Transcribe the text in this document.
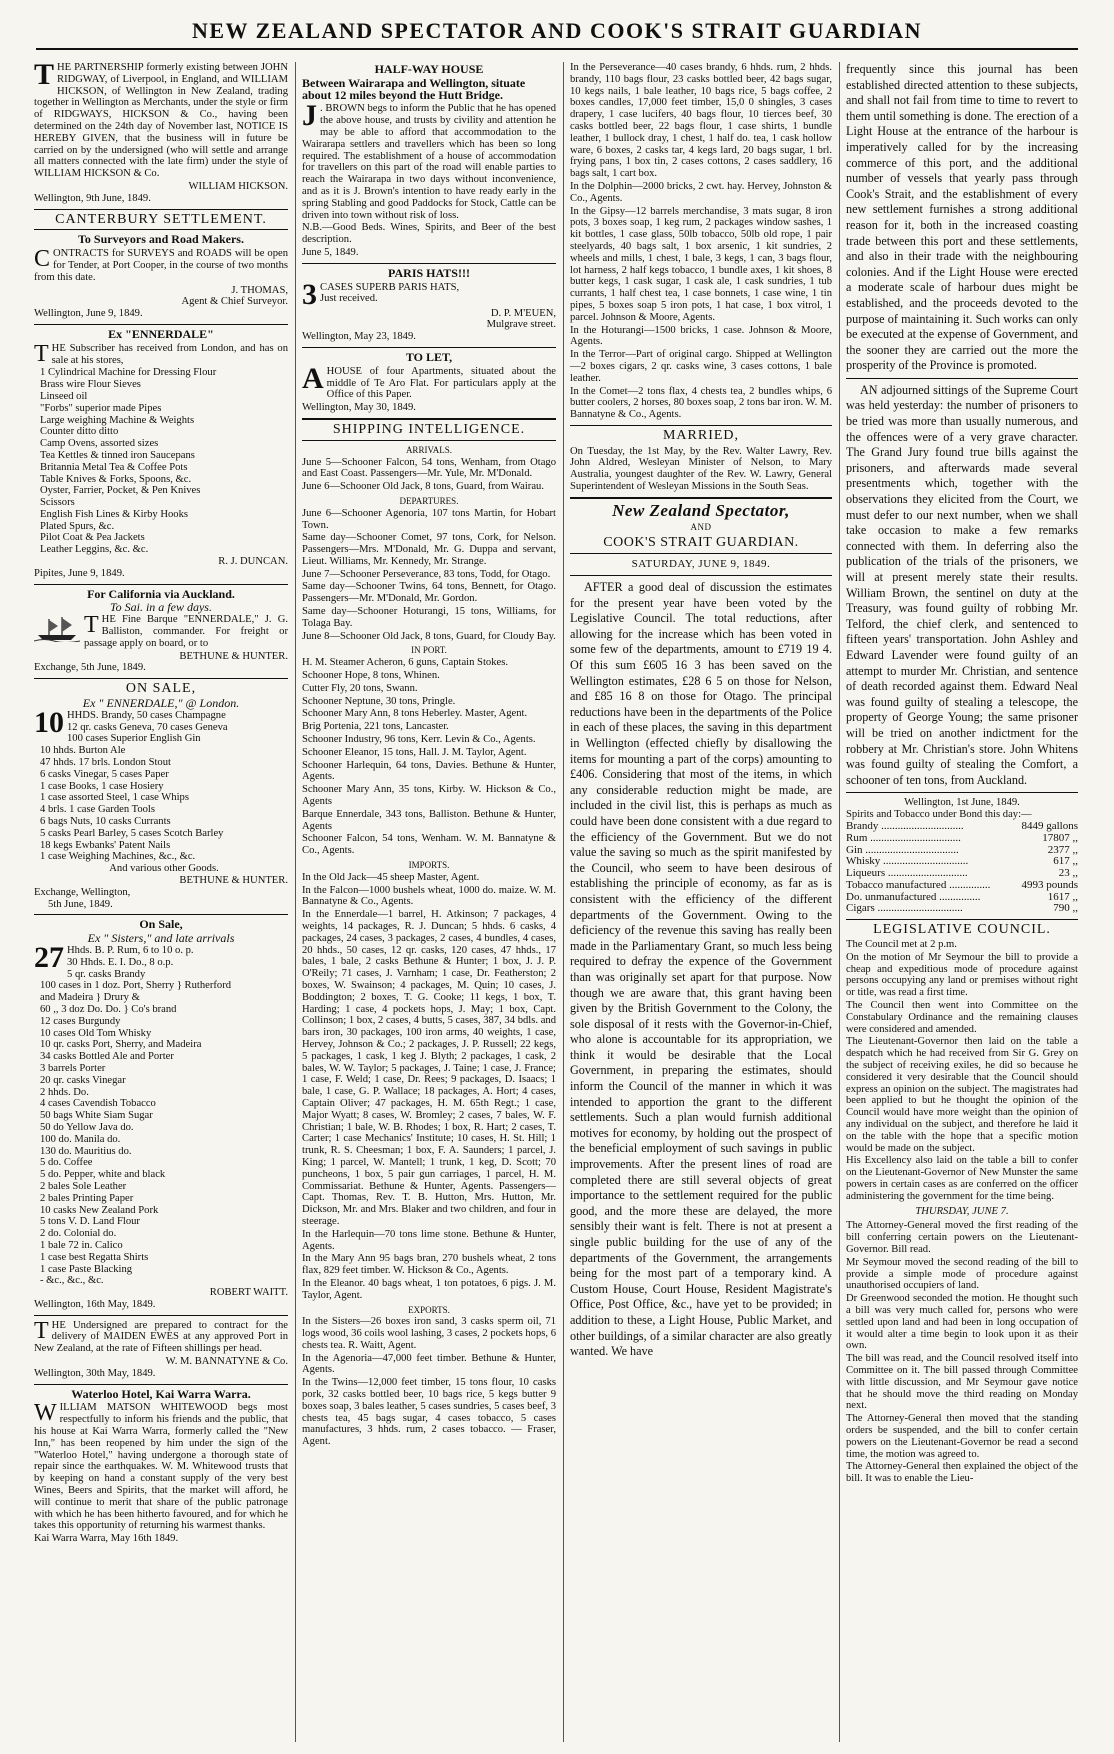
NEW ZEALAND SPECTATOR AND COOK'S STRAIT GUARDIAN
T HE PARTNERSHIP formerly existing between JOHN RIDGWAY, of Liverpool, in England, and WILLIAM HICKSON, of Wellington in New Zealand, trading together in Wellington as Merchants, under the style or firm of RIDGWAYS, HICKSON & Co., having been determined on the 24th day of November last, NOTICE IS HEREBY GIVEN, that the business will in future be carried on by the undersigned (who will settle and arrange all matters connected with the late firm) under the style of WILLIAM HICKSON & Co.

WILLIAM HICKSON.
Wellington, 9th June, 1849.
CANTERBURY SETTLEMENT.
To Surveyors and Road Makers.
C ONTRACTS for SURVEYS and ROADS will be open for Tender, at Port Cooper, in the course of two months from this date.

J. THOMAS,
Agent & Chief Surveyor.
Wellington, June 9, 1849.
Ex "ENNERDALE"
T HE Subscriber has received from London, and has on sale at his stores,

1 Cylindrical Machine for Dressing Flour
Brass wire Flour Sieves
Linseed oil
"Forbs" superior made Pipes
Large weighing Machine & Weights
Counter ditto ditto
Camp Ovens, assorted sizes
Tea Kettles & tinned iron Saucepans
Britannia Metal Tea & Coffee Pots
Table Knives & Forks, Spoons, &c.
Oyster, Farrier, Pocket, & Pen Knives
Scissors
English Fish Lines & Kirby Hooks
Plated Spurs, &c.
Pilot Coat & Pea Jackets
Leather Leggins, &c. &c.
R. J. DUNCAN.
Pipites, June 9, 1849.
For California via Auckland.
To Sai. in a few days.
T HE Fine Barque "ENNERDALE," J. G. Balliston, commander. For freight or passage apply on board, or to

BETHUNE & HUNTER.
Exchange, 5th June, 1849.
ON SALE,
Ex " ENNERDALE," @ London.
10 HHDS. Brandy, 50 cases Champagne
12 qr. casks Geneva, 70 cases Geneva
100 cases Superior English Gin
10 hhds. Burton Ale
47 hhds. 17 brls. London Stout
6 casks Vinegar, 5 cases Paper
1 case Books, 1 case Hosiery
1 case assorted Steel, 1 case Whips
4 brls. 1 case Garden Tools
6 bags Nuts, 10 casks Currants
5 casks Pearl Barley, 5 cases Scotch Barley
18 kegs Ewbanks' Patent Nails
1 case Weighing Machines, &c., &c.
And various other Goods.
BETHUNE & HUNTER.
Exchange, Wellington,
5th June, 1849.
On Sale,
Ex " Sisters," and late arrivals
27 Hhds. B. P. Rum, 6 to 10 o. p.
30 Hhds. E. I. Do., 8 o.p.
5 qr. casks Brandy
100 cases in 1 doz. Port, Sherry } Rutherford
and Madeira } Drury &
60 ,, 3 doz Do. Do. } Co's brand
12 cases Burgundy
10 cases Old Tom Whisky
10 qr. casks Port, Sherry, and Madeira
34 casks Bottled Ale and Porter
3 barrels Porter
20 qr. casks Vinegar
2 hhds. Do.
4 cases Cavendish Tobacco
50 bags White Siam Sugar
50 do Yellow Java do.
100 do. Manila do.
130 do. Mauritius do.
5 do. Coffee
5 do. Pepper, white and black
2 bales Sole Leather
2 bales Printing Paper
10 casks New Zealand Pork
5 tons V. D. Land Flour
2 do. Colonial do.
1 bale 72 in. Calico
1 case best Regatta Shirts
1 case Paste Blacking
- &c., &c., &c.
ROBERT WAITT.
Wellington, 16th May, 1849.
T HE Undersigned are prepared to contract for the delivery of MAIDEN EWES at any approved Port in New Zealand, at the rate of Fifteen shillings per head.

W. M. BANNATYNE & Co.
Wellington, 30th May, 1849.
Waterloo Hotel, Kai Warra Warra.
W ILLIAM MATSON WHITEWOOD begs most respectfully to inform his friends and the public, that his house at Kai Warra Warra, formerly called the "New Inn," has been reopened by him under the sign of the "Waterloo Hotel," having undergone a thorough state of repair since the earthquakes. W. M. Whitewood trusts that by keeping on hand a constant supply of the very best Wines, Beers and Spirits, that the market will afford, he will continue to merit that share of the public patronage with which he has been hitherto favoured, and for which he takes this opportunity of returning his warmest thanks.

Kai Warra Warra, May 16th 1849.
HALF-WAY HOUSE
Between Wairarapa and Wellington, situate about 12 miles beyond the Hutt Bridge.
J . BROWN begs to inform the Public that he has opened the above house, and trusts by civility and attention he may be able to afford that accommodation to the Wairarapa settlers and travellers which has been so long required. The establishment of a house of accommodation for travellers on this part of the road will enable parties to reach the Wairarapa in two days without inconvenience, and as it is J. Brown's intention to have ready early in the spring Stabling and good Paddocks for Stock, Cattle can be driven into town without risk of loss.

N.B.—Good Beds. Wines, Spirits, and Beer of the best description.

June 5, 1849.
PARIS HATS!!!
3 CASES SUPERB PARIS HATS,
Just received.
D. P. M'EUEN,
Mulgrave street.
Wellington, May 23, 1849.
TO LET,
A HOUSE of four Apartments, situated about the middle of Te Aro Flat. For particulars apply at the Office of this Paper.

Wellington, May 30, 1849.
SHIPPING INTELLIGENCE.
ARRIVALS.

June 5—Schooner Falcon, 54 tons, Wenham, from Otago and East Coast. Passengers—Mr. Yule, Mr. M'Donald.

June 6—Schooner Old Jack, 8 tons, Guard, from Wairau.

DEPARTURES.

June 6—Schooner Agenoria, 107 tons Martin, for Hobart Town.

Same day—Schooner Comet, 97 tons, Cork, for Nelson. Passengers—Mrs. M'Donald, Mr. G. Duppa and servant, Lieut. Williams, Mr. Kennedy, Mr. Strange.

June 7—Schooner Perseverance, 83 tons, Todd, for Otago.

Same day—Schooner Twins, 64 tons, Bennett, for Otago. Passengers—Mr. M'Donald, Mr. Gordon.

Same day—Schooner Hoturangi, 15 tons, Williams, for Tolaga Bay.

June 8—Schooner Old Jack, 8 tons, Guard, for Cloudy Bay.

IN PORT.

H. M. Steamer Acheron, 6 guns, Captain Stokes.

Schooner Hope, 8 tons, Whinen.

Cutter Fly, 20 tons, Swann.

Schooner Neptune, 30 tons, Pringle.

Schooner Mary Ann, 8 tons Heberley. Master, Agent.

Brig Portenia, 221 tons, Lancaster.

Schooner Industry, 96 tons, Kerr. Levin & Co., Agents.

Schooner Eleanor, 15 tons, Hall. J. M. Taylor, Agent.

Schooner Harlequin, 64 tons, Davies. Bethune & Hunter, Agents.

Schooner Mary Ann, 35 tons, Kirby. W. Hickson & Co., Agents

Barque Ennerdale, 343 tons, Balliston. Bethune & Hunter, Agents

Schooner Falcon, 54 tons, Wenham. W. M. Bannatyne & Co., Agents.

IMPORTS.

In the Old Jack—45 sheep Master, Agent.

In the Falcon—1000 bushels wheat, 1000 do. maize. W. M. Bannatyne & Co., Agents.

In the Ennerdale—1 barrel, H. Atkinson; 7 packages, 4 weights, 14 packages, R. J. Duncan; 5 hhds. 6 casks, 4 packages, 24 cases, 3 packages, 2 cases, 4 bundles, 4 cases, 20 hhds., 50 cases, 12 qr. casks, 120 cases, 47 hhds., 17 bales, 1 bale, 2 casks Bethune & Hunter; 1 box, J. J. P. O'Reily; 71 cases, J. Varnham; 1 case, Dr. Featherston; 2 boxes, W. Swainson; 4 packages, M. Quin; 10 cases, J. Boddington; 2 boxes, T. G. Cooke; 11 kegs, 1 box, T. Harding; 1 case, 4 pockets hops, J. May; 1 box, Capt. Collinson; 1 box, 2 cases, 4 butts, 5 cases, 387, 34 bdls. and bars iron, 30 packages, 100 iron arms, 40 weights, 1 case, Hervey, Johnson & Co.; 2 packages, J. P. Russell; 22 kegs, 5 packages, 1 cask, 1 keg J. Blyth; 2 packages, 1 cask, 2 bales, W. W. Taylor; 5 packages, J. Taine; 1 case, J. France; 1 case, F. Weld; 1 case, Dr. Rees; 9 packages, D. Isaacs; 1 bale, 1 case, G. P. Wallace; 18 packages, A. Hort; 4 cases, Captain Oliver; 47 packages, H. M. 65th Regt.; 1 case, Major Wyatt; 8 cases, W. Bromley; 2 cases, 7 bales, W. F. Christian; 1 bale, W. B. Rhodes; 1 box, R. Hart; 2 cases, T. Carter; 1 case Mechanics' Institute; 10 cases, H. St. Hill; 1 trunk, R. S. Cheesman; 1 box, F. A. Saunders; 1 parcel, J. King; 1 parcel, W. Mantell; 1 trunk, 1 keg, D. Scott; 70 puncheons, 1 box, 5 pair gun carriages, 1 parcel, H. M. Commissariat. Bethune & Hunter, Agents. Passengers—Capt. Thomas, Rev. T. B. Hutton, Mrs. Hutton, Mr. Dickson, Mr. and Mrs. Blaker and two children, and four in steerage.

In the Harlequin—70 tons lime stone. Bethune & Hunter, Agents.

In the Mary Ann 95 bags bran, 270 bushels wheat, 2 tons flax, 829 feet timber. W. Hickson & Co., Agents.

In the Eleanor. 40 bags wheat, 1 ton potatoes, 6 pigs. J. M. Taylor, Agent.

EXPORTS.

In the Sisters—26 boxes iron sand, 3 casks sperm oil, 71 logs wood, 36 coils wool lashing, 3 cases, 2 pockets hops, 6 chests tea. R. Waitt, Agent.

In the Agenoria—47,000 feet timber. Bethune & Hunter, Agents.

In the Twins—12,000 feet timber, 15 tons flour, 10 casks pork, 32 casks bottled beer, 10 bags rice, 5 kegs butter 9 boxes soap, 3 bales leather, 5 cases sundries, 5 cases beef, 3 chests tea, 45 bags sugar, 4 cases tobacco, 5 cases manufactures, 3 hhds. rum, 2 cases tobacco. — Fraser, Agent.

In the Perseverance—40 cases brandy, 6 hhds. rum, 2 hhds. brandy, 110 bags flour, 23 casks bottled beer, 42 bags sugar, 10 kegs nails, 1 bale leather, 10 bags rice, 5 bags coffee, 2 boxes candles, 17,000 feet timber, 15,0 0 shingles, 3 cases drapery, 1 case lucifers, 40 bags flour, 10 tierces beef, 30 casks bottled beer, 22 bags flour, 1 case shirts, 1 bundle leather, 1 bullock dray, 1 chest, 1 half do. tea, 1 cask hollow ware, 6 boxes, 2 casks tar, 4 kegs lard, 20 bags sugar, 1 brl. frying pans, 1 box tin, 2 cases cottons, 2 cases saddlery, 16 bags salt, 1 cart box.

In the Dolphin—2000 bricks, 2 cwt. hay. Hervey, Johnston & Co., Agents.

In the Gipsy—12 barrels merchandise, 3 mats sugar, 8 iron pots, 3 boxes soap, 1 keg rum, 2 packages window sashes, 1 kit bottles, 1 case glass, 50lb tobacco, 50lb old rope, 1 pair steelyards, 40 bags salt, 1 box arsenic, 1 kit sundries, 2 wheels and mills, 1 chest, 1 bale, 3 kegs, 1 can, 3 bags flour, lot harness, 2 half kegs tobacco, 1 bundle axes, 1 kit shoes, 8 butter kegs, 1 cask sugar, 1 cask ale, 1 cask sundries, 1 tub currants, 1 half chest tea, 1 case bonnets, 1 case wine, 1 tin pipes, 5 boxes soap 5 iron pots, 1 hat case, 1 box vitrol, 1 parcel. Johnson & Moore, Agents.

In the Hoturangi—1500 bricks, 1 case. Johnson & Moore, Agents.

In the Terror—Part of original cargo. Shipped at Wellington—2 boxes cigars, 2 qr. casks wine, 3 cases cottons, 1 bale leather.

In the Comet—2 tons flax, 4 chests tea, 2 bundles whips, 6 butter coolers, 2 horses, 80 boxes soap, 2 tons bar iron. W. M. Bannatyne & Co., Agents.

MARRIED,

On Tuesday, the 1st May, by the Rev. Walter Lawry, Rev. John Aldred, Wesleyan Minister of Nelson, to Mary Australia, youngest daughter of the Rev. W. Lawry, General Superintendent of Wesleyan Missions in the South Seas.

New Zealand Spectator,
AND
COOK'S STRAIT GUARDIAN.
SATURDAY, JUNE 9, 1849.

AFTER a good deal of discussion the estimates for the present year have been voted by the Legislative Council. The total reductions, after allowing for the increase which has been voted in some few of the departments, amount to £719 19 4. Of this sum £605 16 3 has been saved on the Wellington estimates, £28 6 5 on those for Nelson, and £85 16 8 on those for Otago. The principal reductions have been in the departments of the Police in each of these places, the saving in this department in Wellington (effected chiefly by disallowing the items for mounting a part of the corps) amounting to £406. Considering that most of the items, in which any considerable reduction might be made, are included in the civil list, this is perhaps as much as could have been done consistent with a due regard to the efficiency of the Government. But we do not value the saving so much as the spirit manifested by the Council, who seem to have been desirous of establishing the principle of economy, as far as is consistent with the efficiency of the different departments of the Government. Owing to the deficiency of the revenue this saving has really been made in the Parliamentary Grant, so much less being required to defray the expence of the Government than was originally set apart for that purpose. Now though we are aware that, this grant having been given by the British Government to the Colony, the sole disposal of it rests with the Governor-in-Chief, who alone is accountable for its appropriation, we think it would be desirable that the Local Government, in preparing the estimates, should inform the Council of the manner in which it was intended to apportion the grant to the different settlements. Such a plan would furnish additional motives for economy, by holding out the prospect of the beneficial employment of such savings in public improvements. After the present lines of road are completed there are still several objects of great importance to the settlement required for the public good, and the more these are delayed, the more sensibly their want is felt. There is not at present a single public building for the use of any of the departments of the Government, the arrangements being for the most part of a temporary kind. A Custom House, Court House, Resident Magistrate's Office, Post Office, &c., have yet to be provided; in addition to these, a Light House, Public Market, and other buildings, of a similar character are also greatly wanted. We have

frequently since this journal has been established directed attention to these subjects, and shall not fail from time to time to revert to them until something is done. The erection of a Light House at the entrance of the harbour is imperatively called for by the increasing commerce of this port, and the additional number of vessels that yearly pass through Cook's Strait, and the establishment of every new settlement furnishes a strong additional reason for it, both in the increased coasting trade between this port and these settlements, and also in their trade with the neighbouring colonies. And if the Light House were erected a moderate scale of harbour dues might be established, and the proceeds devoted to the purpose of maintaining it. Such works can only be executed at the expense of Government, and the sooner they are carried out the more the prosperity of the Province is promoted.

AN adjourned sittings of the Supreme Court was held yesterday: the number of prisoners to be tried was more than usually numerous, and the offences were of a very grave character. The Grand Jury found true bills against the prisoners, and afterwards made several presentments which, together with the observations they elicited from the Court, we must defer to our next number, when we shall take occasion to make a few remarks connected with them. In deferring also the publication of the trials of the prisoners, we will at present merely state their results. William Brown, the sentinel on duty at the Treasury, was found guilty of robbing Mr. Telford, the chief clerk, and sentenced to fifteen years' transportation. John Ashley and Edward Lavender were found guilty of an attempt to murder Mr. Christian, and sentence of death recorded against them. Edward Neal was found guilty of stealing a telescope, the property of George Young; the same prisoner will be tried on another indictment for the robbery at Mr. Christian's store. John Whitens was found guilty of stealing the Comfort, a schooner of ten tons, from Auckland.

Wellington, 1st June, 1849.
Spirits and Tobacco under Bond this day:—
Brandy ..............................	8449 gallons
Rum .................................	17807 ,,
Gin ..................................	2377 ,,
Whisky ...............................	617 ,,
Liqueurs .............................	23 ,,
Tobacco manufactured ...............	4993 pounds
Do. unmanufactured ...............	1617 ,,
Cigars ...............................	790 ,,
LEGISLATIVE COUNCIL.

The Council met at 2 p.m.

On the motion of Mr Seymour the bill to provide a cheap and expeditious mode of procedure against persons occupying any land or premises without right or title, was read a first time.

The Council then went into Committee on the Constabulary Ordinance and the remaining clauses were considered and amended.

The Lieutenant-Governor then laid on the table a despatch which he had received from Sir G. Grey on the subject of receiving exiles, he did so because he considered it very desirable that the Council should express an opinion on the subject. The magistrates had been applied to but he thought the opinion of the Council would have more weight than the opinion of any individual on the subject, and therefore he laid it on the table with the hope that a specific motion would be made on the subject.

His Excellency also laid on the table a bill to confer on the Lieutenant-Governor of New Munster the same powers in certain cases as are conferred on the officer administering the government for the time being.

THURSDAY, JUNE 7.

The Attorney-General moved the first reading of the bill conferring certain powers on the Lieutenant-Governor. Bill read.

Mr Seymour moved the second reading of the bill to provide a simple mode of procedure against unauthorised occupiers of land.

Dr Greenwood seconded the motion. He thought such a bill was very much called for, persons who were settled upon land and had been in long occupation of it would alter a time begin to look upon it as their own.

The bill was read, and the Council resolved itself into Committee on it. The bill passed through Committee with little discussion, and Mr Seymour gave notice that he should move the third reading on Monday next.

The Attorney-General then moved that the standing orders be suspended, and the bill to confer certain powers on the Lieutenant-Governor be read a second time, the motion was agreed to.

The Attorney-General then explained the object of the bill. It was to enable the Lieu-
